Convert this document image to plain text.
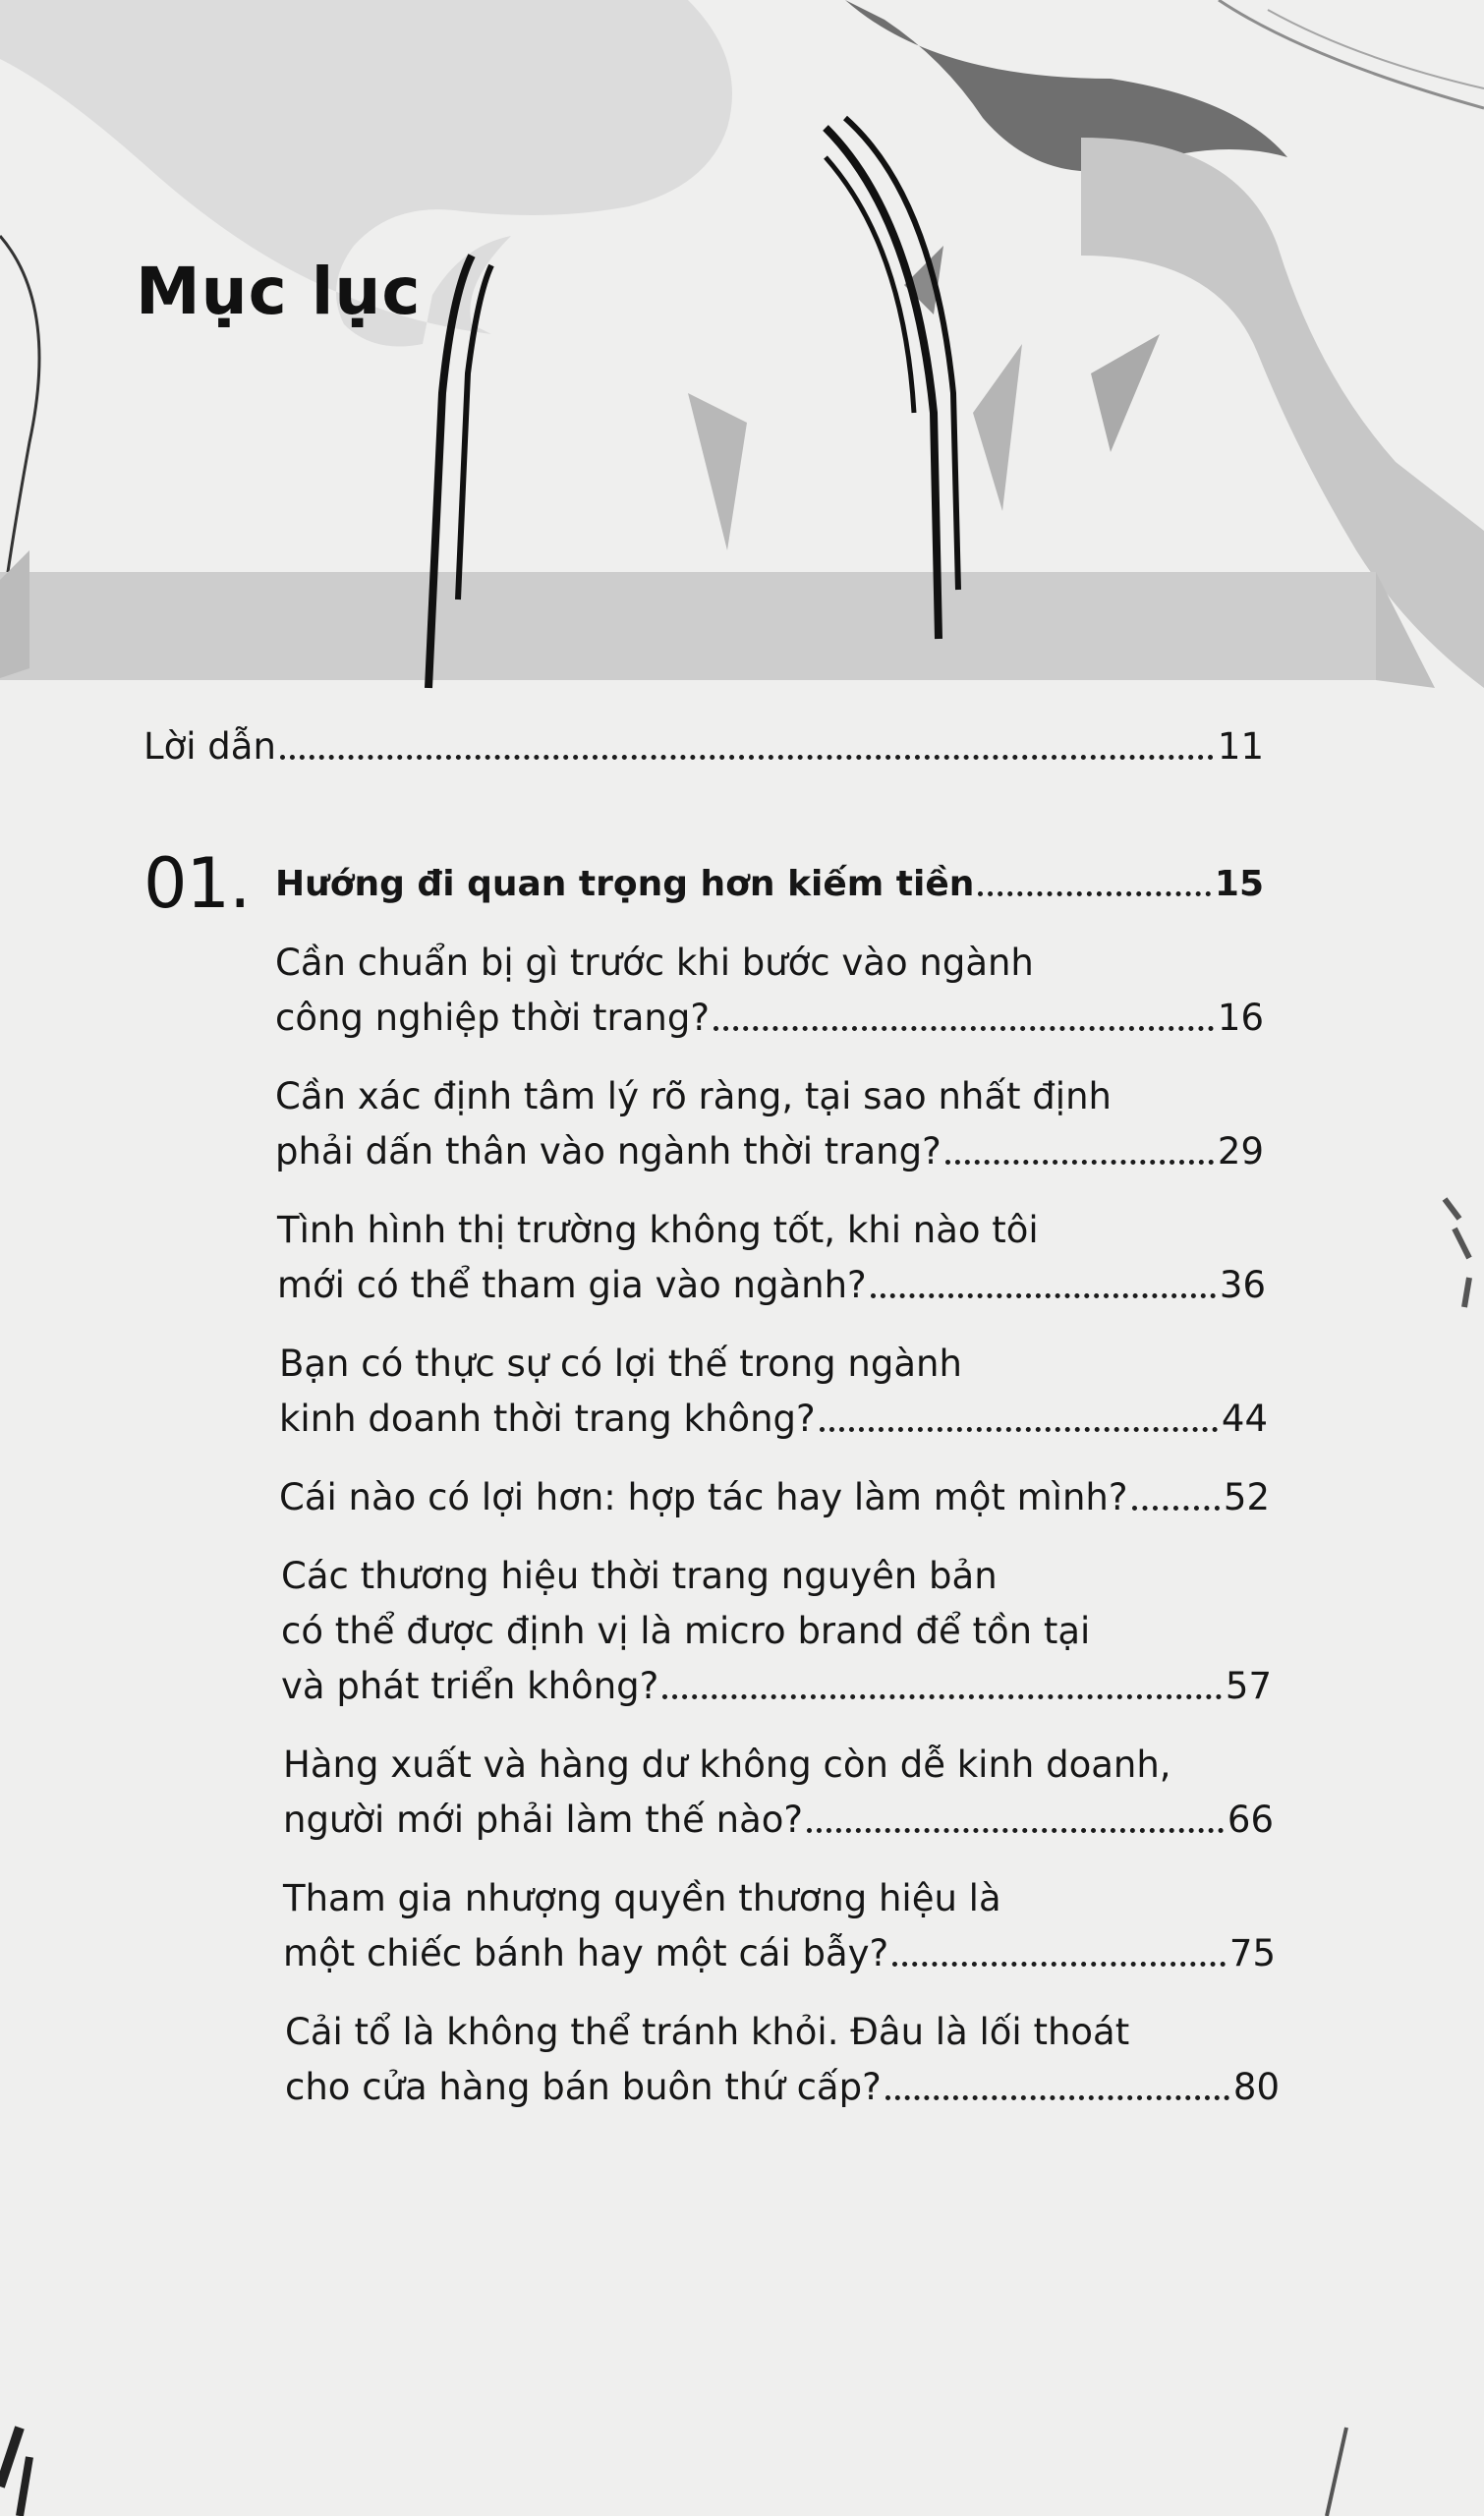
Mục lục
Lời dẫn	11
01. Hướng đi quan trọng hơn kiếm tiền	15
Cần chuẩn bị gì trước khi bước vào ngành
công nghiệp thời trang?	16
Cần xác định tâm lý rõ ràng, tại sao nhất định
phải dấn thân vào ngành thời trang?	29
Tình hình thị trường không tốt, khi nào tôi
mới có thể tham gia vào ngành?	36
Bạn có thực sự có lợi thế trong ngành
kinh doanh thời trang không?	44
Cái nào có lợi hơn: hợp tác hay làm một mình?	52
Các thương hiệu thời trang nguyên bản
có thể được định vị là micro brand để tồn tại
và phát triển không?	57
Hàng xuất và hàng dư không còn dễ kinh doanh,
người mới phải làm thế nào?	66
Tham gia nhượng quyền thương hiệu là
một chiếc bánh hay một cái bẫy?	75
Cải tổ là không thể tránh khỏi. Đâu là lối thoát
cho cửa hàng bán buôn thứ cấp?	80
